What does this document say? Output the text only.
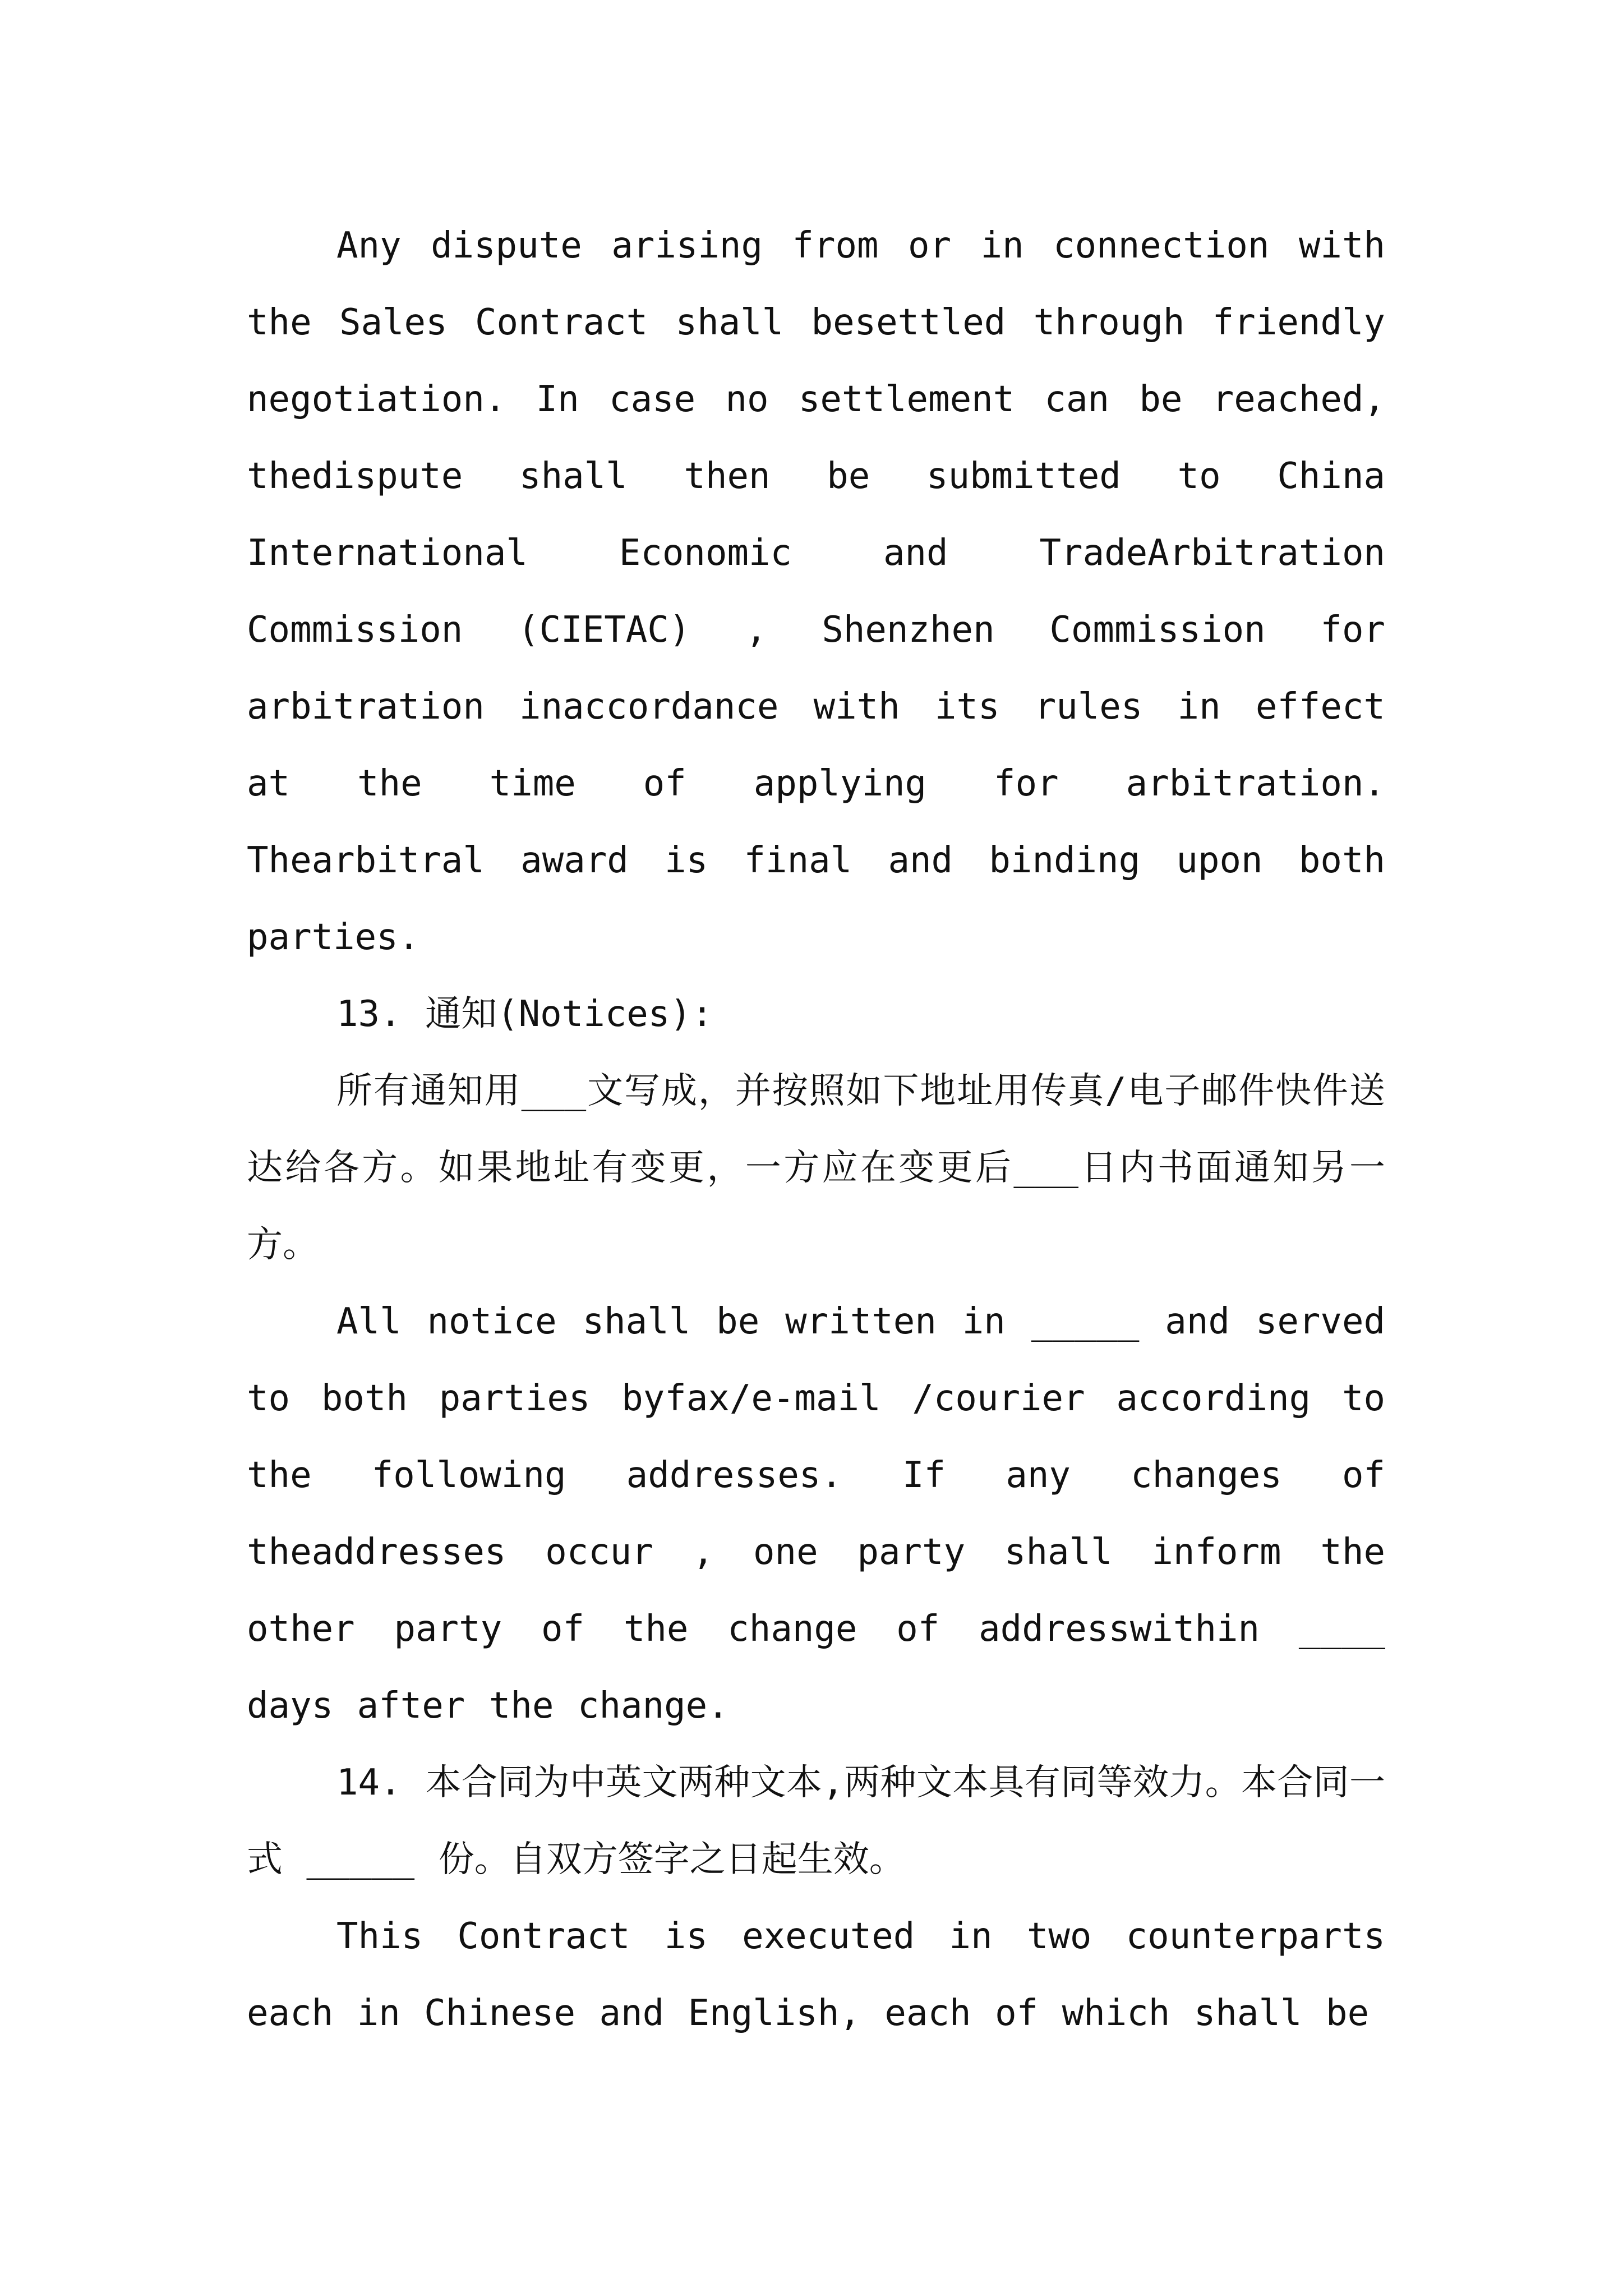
Any dispute arising from or in connection with the Sales Contract shall besettled through friendly negotiation. In case no settlement can be reached, thedispute shall then be submitted to China International Economic and TradeArbitration Commission (CIETAC) , Shenzhen Commission for arbitration inaccordance with its rules in effect at the time of applying for arbitration. Thearbitral award is final and binding upon both parties.

13. 通知(Notices):

所有通知用___文写成，并按照如下地址用传真/电子邮件快件送达给各方。如果地址有变更，一方应在变更后___日内书面通知另一方。

All notice shall be written in _____ and served to both parties byfax/e-mail /courier according to the following addresses. If any changes of theaddresses occur , one party shall inform the other party of the change of addresswithin ____ days after the change.

14. 本合同为中英文两种文本,两种文本具有同等效力。本合同一式 _____ 份。自双方签字之日起生效。

This Contract is executed in two counterparts each in Chinese and English, each of which shall be
